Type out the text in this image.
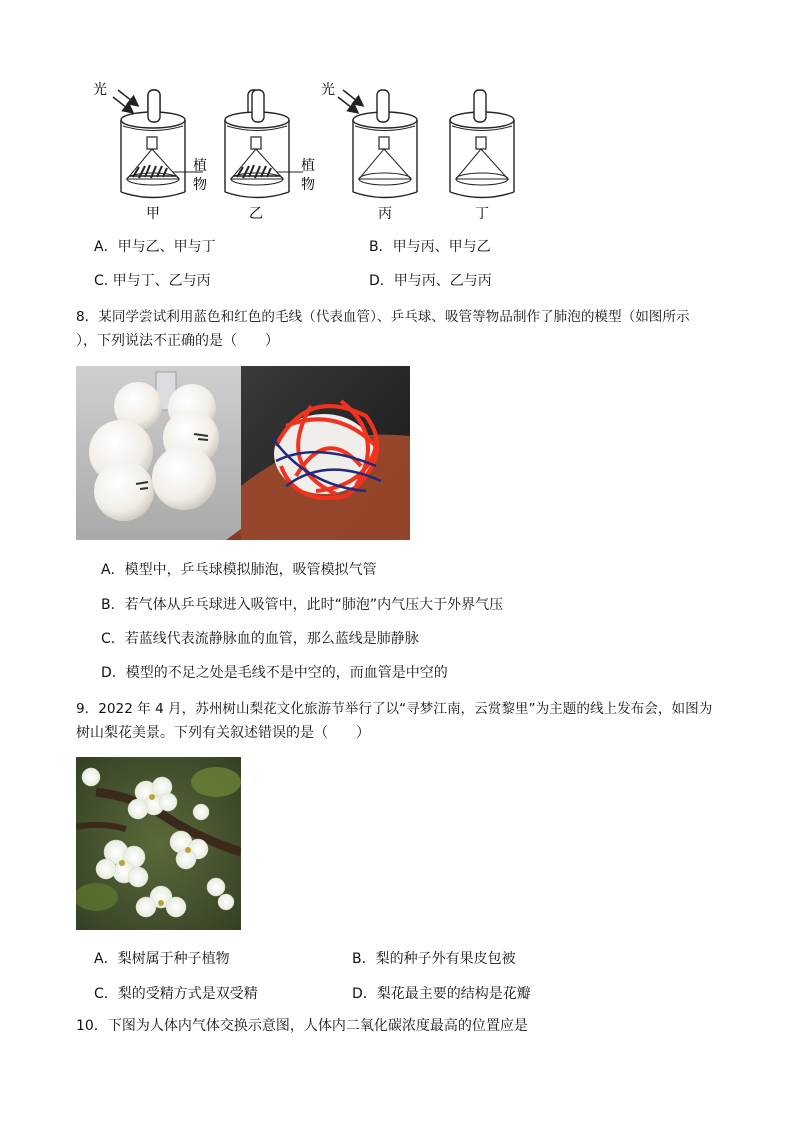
光
植
物
植
物
光
甲	乙	丙	丁
A．甲与乙、甲与丁	B．甲与丙、甲与乙
C. 甲与丁、乙与丙	D．甲与丙、乙与丙
8．某同学尝试利用蓝色和红色的毛线（代表血管）、乒乓球、吸管等物品制作了肺泡的模型（如图所示
），下列说法不正确的是（　　）
A．模型中，乒乓球模拟肺泡，吸管模拟气管
B．若气体从乒乓球进入吸管中，此时“肺泡”内气压大于外界气压
C．若蓝线代表流静脉血的血管，那么蓝线是肺静脉
D．模型的不足之处是毛线不是中空的，而血管是中空的
9．2022 年 4 月，苏州树山梨花文化旅游节举行了以“寻梦江南，云赏黎里”为主题的线上发布会，如图为
树山梨花美景。下列有关叙述错误的是（　　）
A．梨树属于种子植物	B．梨的种子外有果皮包被
C．梨的受精方式是双受精	D．梨花最主要的结构是花瓣
10．下图为人体内气体交换示意图，人体内二氧化碳浓度最高的位置应是
